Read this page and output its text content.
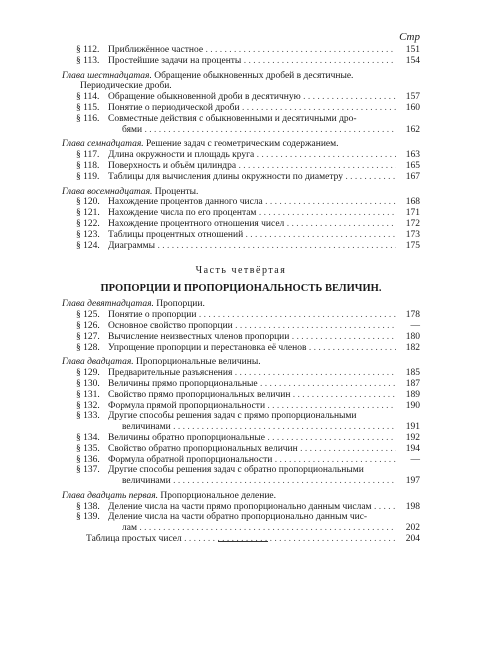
Стр
§ 112. Приближённое частное . . .	151
§ 113. Простейшие задачи на проценты . . .	154
Глава шестнадцатая. Обращение обыкновенных дробей в десятичные.
Периодические дроби.
§ 114. Обращение обыкновенной дроби в десятичную . . .	157
§ 115. Понятие о периодической дроби . . .	160
§ 116. Совместные действия с обыкновенными и десятичными дро-
бями . . .	162
Глава семнадцатая. Решение задач с геометрическим содержанием.
§ 117. Длина окружности и площадь круга . . .	163
§ 118. Поверхность и объём цилиндра . . .	165
§ 119. Таблицы для вычисления длины окружности по диаметру . . .	167
Глава восемнадцатая. Проценты.
§ 120. Нахождение процентов данного числа . . .	168
§ 121. Нахождение числа по его процентам . . .	171
§ 122. Нахождение процентного отношения чисел . . .	172
§ 123. Таблицы процентных отношений . . .	173
§ 124. Диаграммы . . .	175
Часть четвёртая
ПРОПОРЦИИ И ПРОПОРЦИОНАЛЬНОСТЬ ВЕЛИЧИН.
Глава девятнадцатая. Пропорции.
§ 125. Понятие о пропорции . . .	178
§ 126. Основное свойство пропорции . . .	—
§ 127. Вычисление неизвестных членов пропорции . . .	180
§ 128. Упрощение пропорции и перестановка её членов . . .	182
Глава двадцатая. Пропорциональные величины.
§ 129. Предварительные разъяснения . . .	185
§ 130. Величины прямо пропорциональные . . .	187
§ 131. Свойство прямо пропорциональных величин . . .	189
§ 132. Формула прямой пропорциональности . . .	190
§ 133. Другие способы решения задач с прямо пропорциональными
величинами . . .	191
§ 134. Величины обратно пропорциональные . . .	192
§ 135. Свойство обратно пропорциональных величин . . .	194
§ 136. Формула обратной пропорциональности . . .	—
§ 137. Другие способы решения задач с обратно пропорциональными
величинами . . .	197
Глава двадцать первая. Пропорциональное деление.
§ 138. Деление числа на части прямо пропорционально данным числам . . .	198
§ 139. Деление числа на части обратно пропорционально данным чис-
лам . . .	202
Таблица простых чисел . . .	204
